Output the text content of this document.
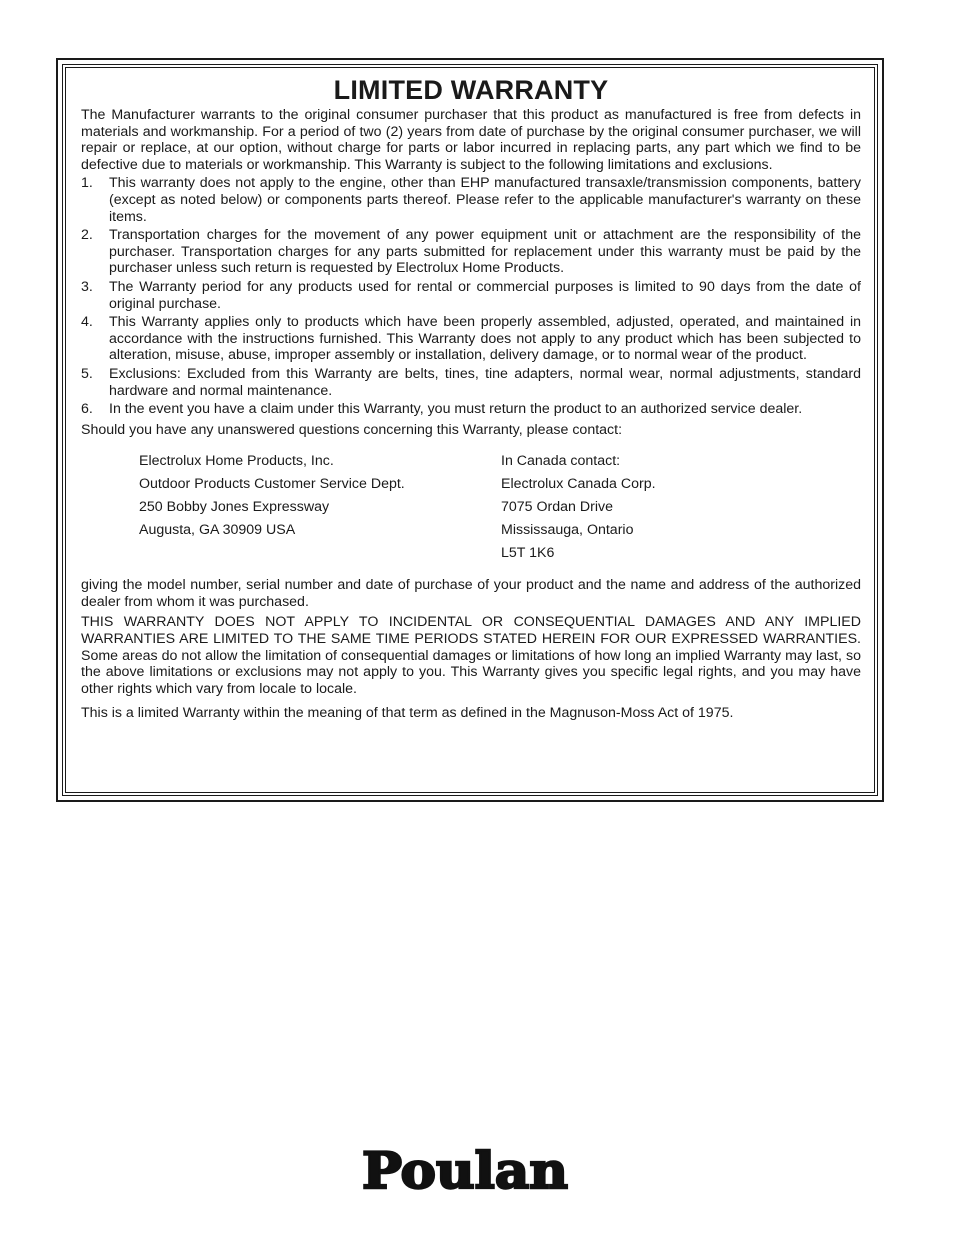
LIMITED WARRANTY

The Manufacturer warrants to the original consumer purchaser that this product as manufactured is free from defects in materials and workmanship. For a period of two (2) years from date of purchase by the original consumer purchaser, we will repair or replace, at our option, without charge for parts or labor incurred in replacing parts, any part which we find to be defective due to materials or workmanship. This Warranty is subject to the following limitations and exclusions.

1. This warranty does not apply to the engine, other than EHP manufactured transaxle/transmission components, battery (except as noted below) or components parts thereof. Please refer to the applicable manufacturer's warranty on these items.
2. Transportation charges for the movement of any power equipment unit or attachment are the responsibility of the purchaser. Transportation charges for any parts submitted for replacement under this warranty must be paid by the purchaser unless such return is requested by Electrolux Home Products.
3. The Warranty period for any products used for rental or commercial purposes is limited to 90 days from the date of original purchase.
4. This Warranty applies only to products which have been properly assembled, adjusted, operated, and maintained in accordance with the instructions furnished. This Warranty does not apply to any product which has been subjected to alteration, misuse, abuse, improper assembly or installation, delivery damage, or to normal wear of the product.
5. Exclusions: Excluded from this Warranty are belts, tines, tine adapters, normal wear, normal adjustments, standard hardware and normal maintenance.
6. In the event you have a claim under this Warranty, you must return the product to an authorized service dealer.

Should you have any unanswered questions concerning this Warranty, please contact:

Electrolux Home Products, Inc.
Outdoor Products Customer Service Dept.
250 Bobby Jones Expressway
Augusta, GA 30909 USA
In Canada contact:
Electrolux Canada Corp.
7075 Ordan Drive
Mississauga, Ontario
L5T 1K6

giving the model number, serial number and date of purchase of your product and the name and address of the authorized dealer from whom it was purchased.

THIS WARRANTY DOES NOT APPLY TO INCIDENTAL OR CONSEQUENTIAL DAMAGES AND ANY IMPLIED WARRANTIES ARE LIMITED TO THE SAME TIME PERIODS STATED HEREIN FOR OUR EXPRESSED WARRANTIES. Some areas do not allow the limitation of consequential damages or limitations of how long an implied Warranty may last, so the above limitations or exclusions may not apply to you. This Warranty gives you specific legal rights, and you may have other rights which vary from locale to locale.

This is a limited Warranty within the meaning of that term as defined in the Magnuson-Moss Act of 1975.

Poulan
